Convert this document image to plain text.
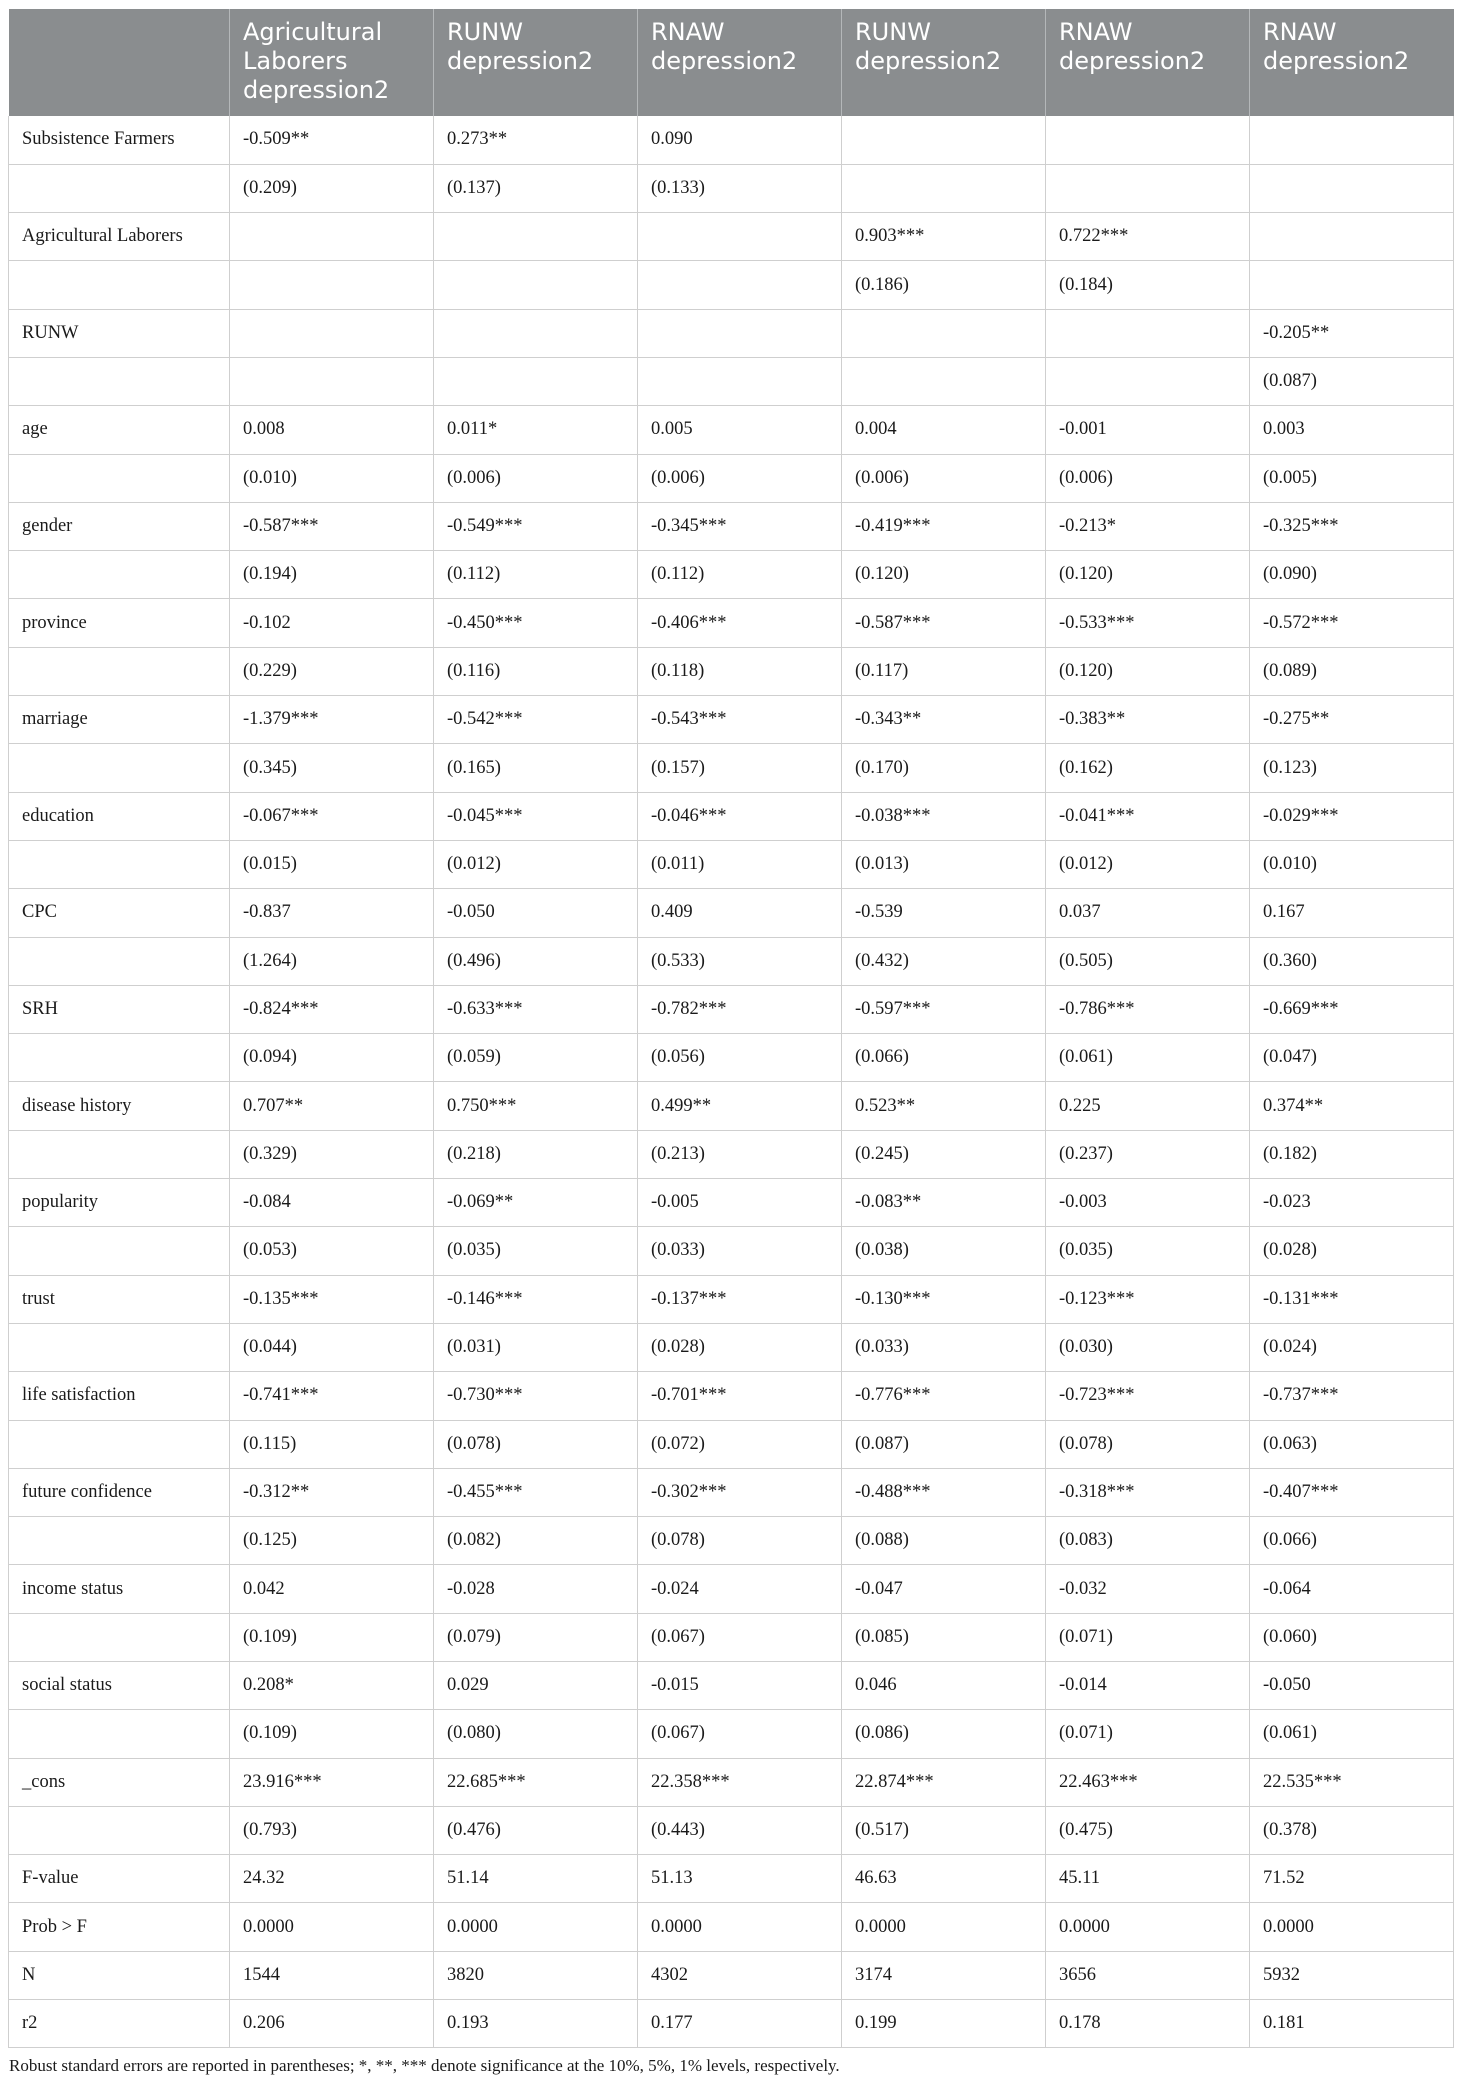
	Agricultural Laborers depression2	RUNW depression2	RNAW depression2	RUNW depression2	RNAW depression2	RNAW depression2
Subsistence Farmers	-0.509**	0.273**	0.090			
	(0.209)	(0.137)	(0.133)			
Agricultural Laborers				0.903***	0.722***	
				(0.186)	(0.184)	
RUNW						-0.205**
						(0.087)
age	0.008	0.011*	0.005	0.004	-0.001	0.003
	(0.010)	(0.006)	(0.006)	(0.006)	(0.006)	(0.005)
gender	-0.587***	-0.549***	-0.345***	-0.419***	-0.213*	-0.325***
	(0.194)	(0.112)	(0.112)	(0.120)	(0.120)	(0.090)
province	-0.102	-0.450***	-0.406***	-0.587***	-0.533***	-0.572***
	(0.229)	(0.116)	(0.118)	(0.117)	(0.120)	(0.089)
marriage	-1.379***	-0.542***	-0.543***	-0.343**	-0.383**	-0.275**
	(0.345)	(0.165)	(0.157)	(0.170)	(0.162)	(0.123)
education	-0.067***	-0.045***	-0.046***	-0.038***	-0.041***	-0.029***
	(0.015)	(0.012)	(0.011)	(0.013)	(0.012)	(0.010)
CPC	-0.837	-0.050	0.409	-0.539	0.037	0.167
	(1.264)	(0.496)	(0.533)	(0.432)	(0.505)	(0.360)
SRH	-0.824***	-0.633***	-0.782***	-0.597***	-0.786***	-0.669***
	(0.094)	(0.059)	(0.056)	(0.066)	(0.061)	(0.047)
disease history	0.707**	0.750***	0.499**	0.523**	0.225	0.374**
	(0.329)	(0.218)	(0.213)	(0.245)	(0.237)	(0.182)
popularity	-0.084	-0.069**	-0.005	-0.083**	-0.003	-0.023
	(0.053)	(0.035)	(0.033)	(0.038)	(0.035)	(0.028)
trust	-0.135***	-0.146***	-0.137***	-0.130***	-0.123***	-0.131***
	(0.044)	(0.031)	(0.028)	(0.033)	(0.030)	(0.024)
life satisfaction	-0.741***	-0.730***	-0.701***	-0.776***	-0.723***	-0.737***
	(0.115)	(0.078)	(0.072)	(0.087)	(0.078)	(0.063)
future confidence	-0.312**	-0.455***	-0.302***	-0.488***	-0.318***	-0.407***
	(0.125)	(0.082)	(0.078)	(0.088)	(0.083)	(0.066)
income status	0.042	-0.028	-0.024	-0.047	-0.032	-0.064
	(0.109)	(0.079)	(0.067)	(0.085)	(0.071)	(0.060)
social status	0.208*	0.029	-0.015	0.046	-0.014	-0.050
	(0.109)	(0.080)	(0.067)	(0.086)	(0.071)	(0.061)
_cons	23.916***	22.685***	22.358***	22.874***	22.463***	22.535***
	(0.793)	(0.476)	(0.443)	(0.517)	(0.475)	(0.378)
F-value	24.32	51.14	51.13	46.63	45.11	71.52
Prob > F	0.0000	0.0000	0.0000	0.0000	0.0000	0.0000
N	1544	3820	4302	3174	3656	5932
r2	0.206	0.193	0.177	0.199	0.178	0.181
Robust standard errors are reported in parentheses; *, **, *** denote significance at the 10%, 5%, 1% levels, respectively.
